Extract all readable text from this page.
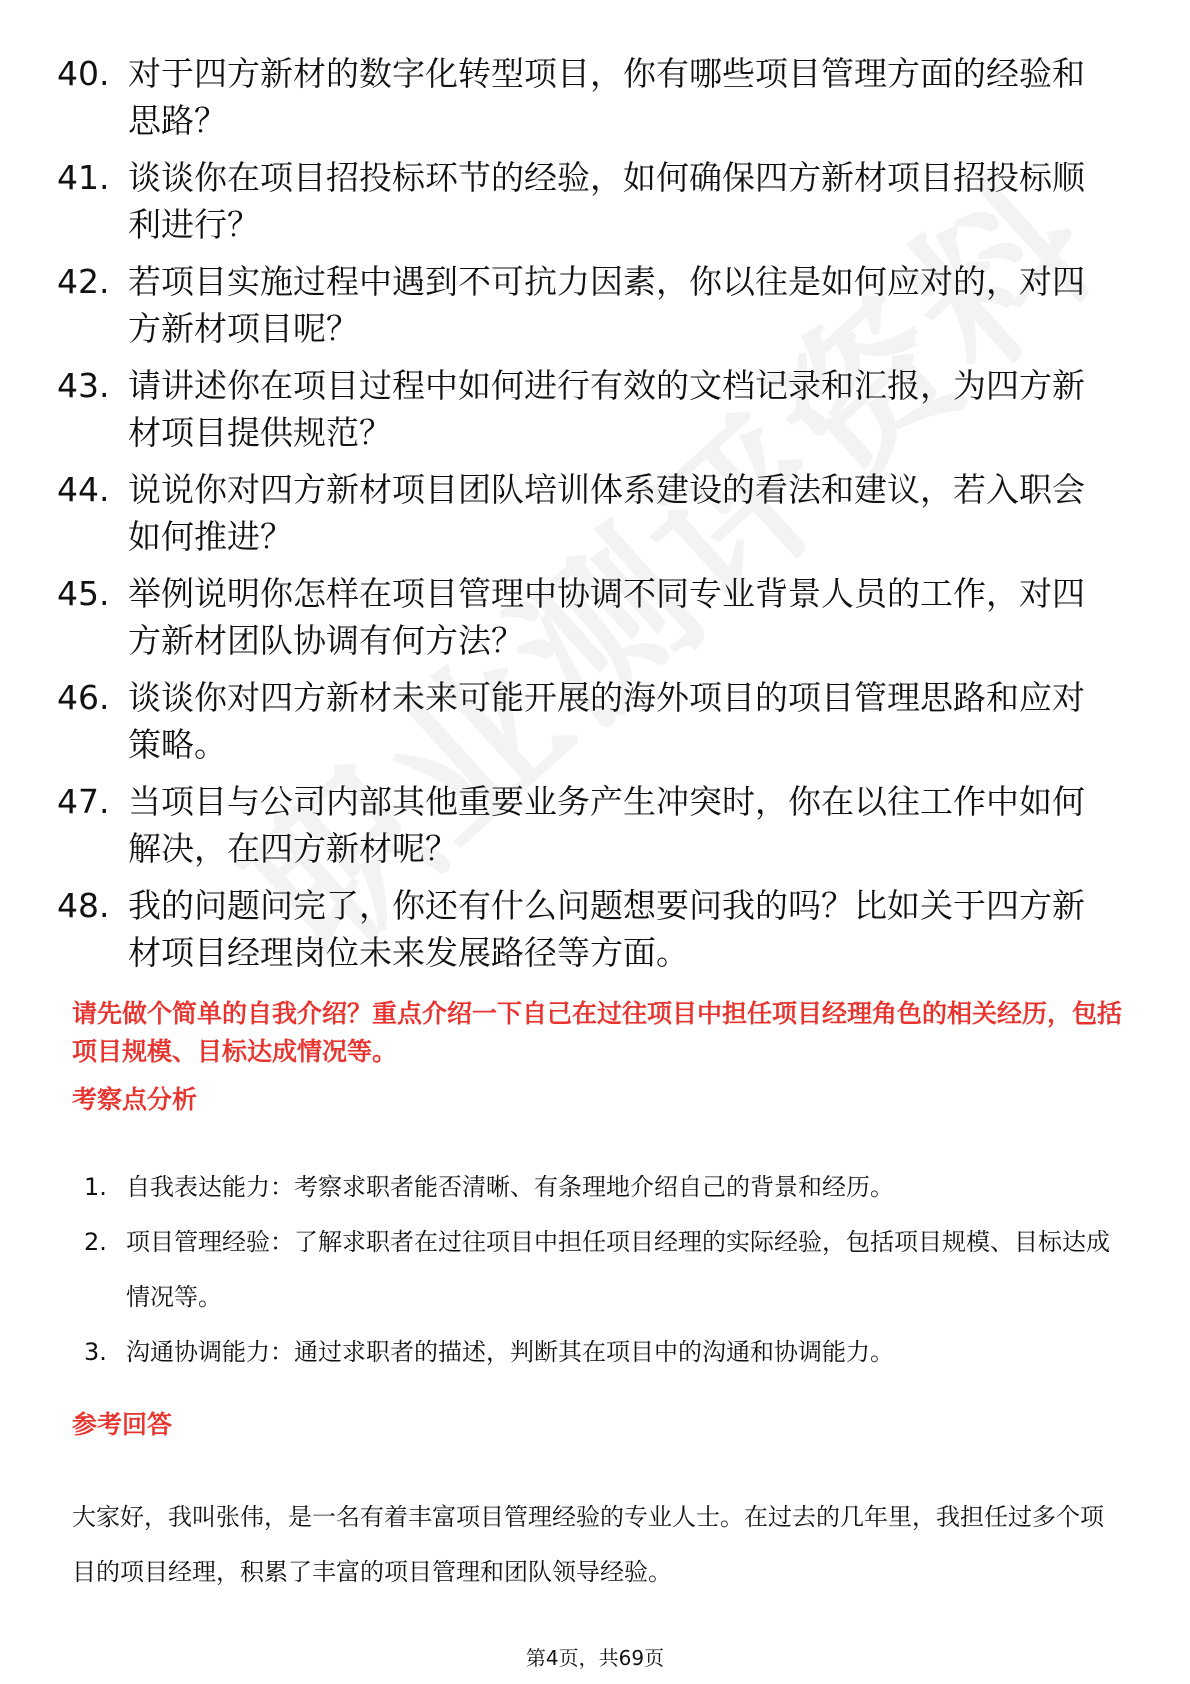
40. 对于四方新材的数字化转型项目，你有哪些项目管理方面的经验和思路？
41. 谈谈你在项目招投标环节的经验，如何确保四方新材项目招投标顺利进行？
42. 若项目实施过程中遇到不可抗力因素，你以往是如何应对的，对四方新材项目呢？
43. 请讲述你在项目过程中如何进行有效的文档记录和汇报，为四方新材项目提供规范？
44. 说说你对四方新材项目团队培训体系建设的看法和建议，若入职会如何推进？
45. 举例说明你怎样在项目管理中协调不同专业背景人员的工作，对四方新材团队协调有何方法？
46. 谈谈你对四方新材未来可能开展的海外项目的项目管理思路和应对策略。
47. 当项目与公司内部其他重要业务产生冲突时，你在以往工作中如何解决，在四方新材呢？
48. 我的问题问完了，你还有什么问题想要问我的吗？比如关于四方新材项目经理岗位未来发展路径等方面。
请先做个简单的自我介绍？重点介绍一下自己在过往项目中担任项目经理角色的相关经历，包括项目规模、目标达成情况等。
考察点分析
1. 自我表达能力：考察求职者能否清晰、有条理地介绍自己的背景和经历。
2. 项目管理经验：了解求职者在过往项目中担任项目经理的实际经验，包括项目规模、目标达成情况等。
3. 沟通协调能力：通过求职者的描述，判断其在项目中的沟通和协调能力。
参考回答
大家好，我叫张伟，是一名有着丰富项目管理经验的专业人士。在过去的几年里，我担任过多个项目的项目经理，积累了丰富的项目管理和团队领导经验。
第4页，共69页
